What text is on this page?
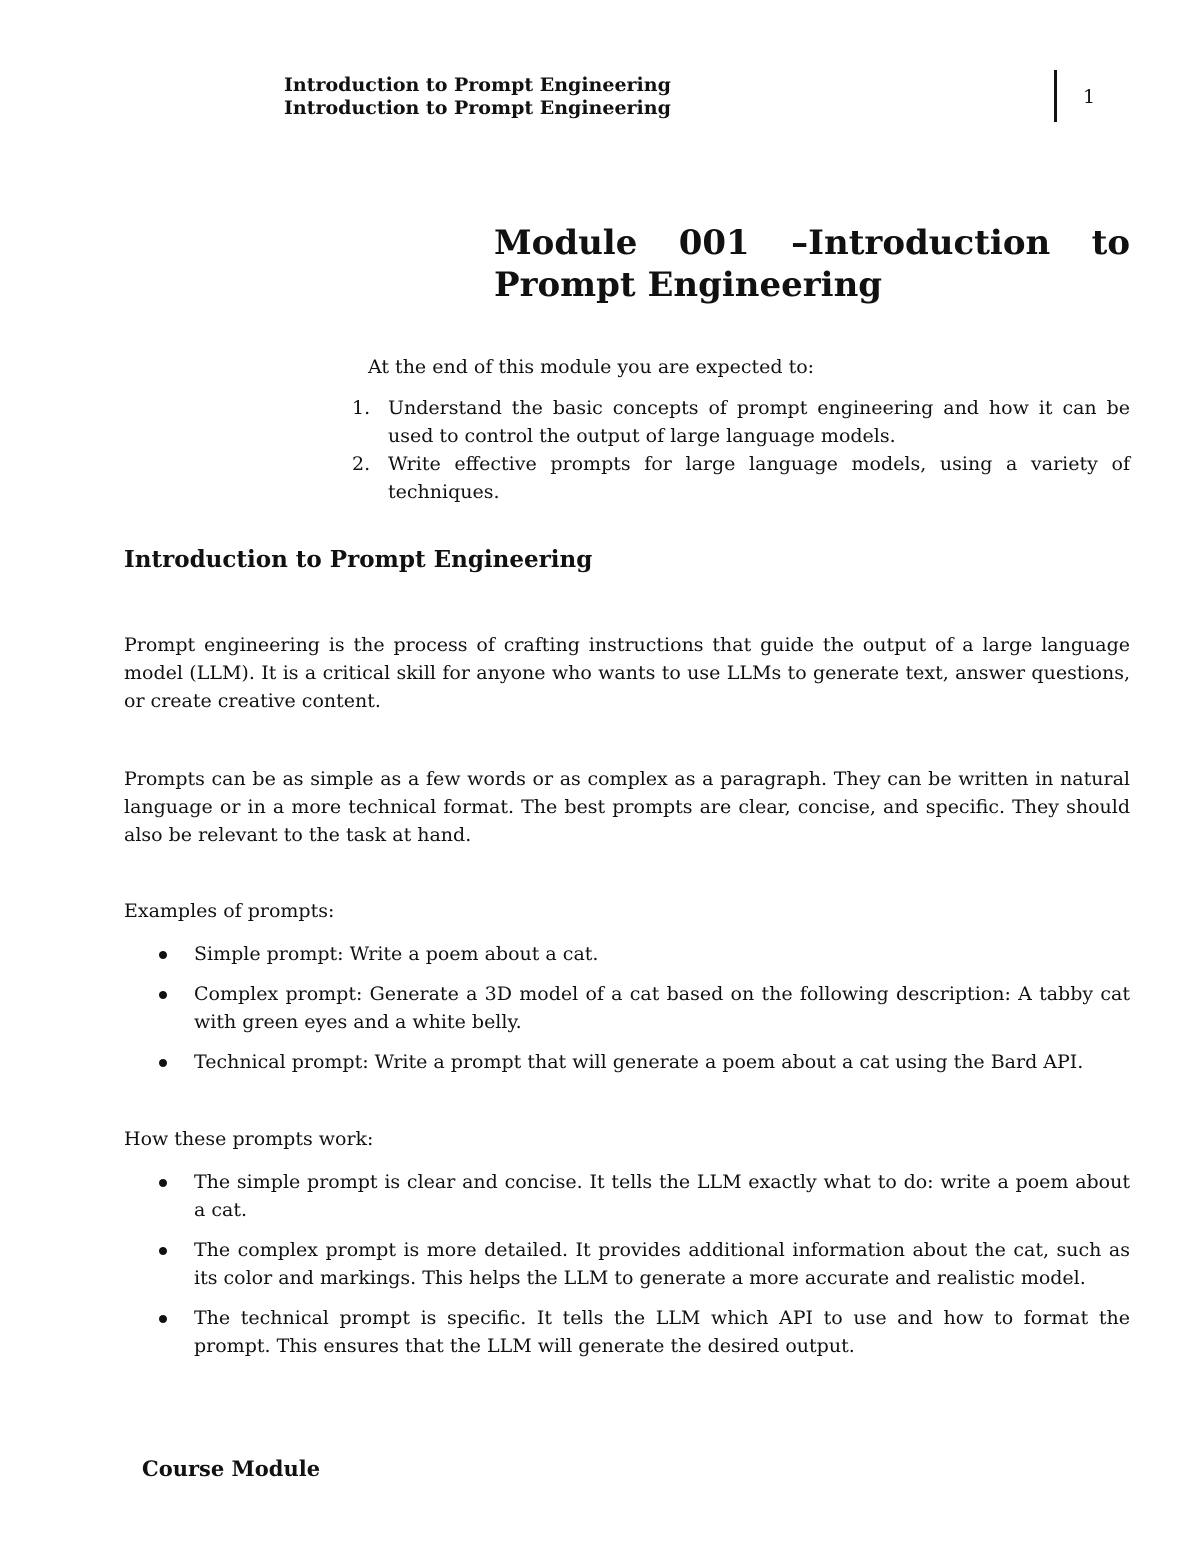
Introduction to Prompt Engineering
Introduction to Prompt Engineering	1
Module 001 –Introduction to Prompt Engineering
At the end of this module you are expected to:
1. Understand the basic concepts of prompt engineering and how it can be used to control the output of large language models.
2. Write effective prompts for large language models, using a variety of techniques.
Introduction to Prompt Engineering

Prompt engineering is the process of crafting instructions that guide the output of a large language model (LLM). It is a critical skill for anyone who wants to use LLMs to generate text, answer questions, or create creative content.

Prompts can be as simple as a few words or as complex as a paragraph. They can be written in natural language or in a more technical format. The best prompts are clear, concise, and specific. They should also be relevant to the task at hand.

Examples of prompts:
Simple prompt: Write a poem about a cat.
Complex prompt: Generate a 3D model of a cat based on the following description: A tabby cat with green eyes and a white belly.
Technical prompt: Write a prompt that will generate a poem about a cat using the Bard API.
How these prompts work:
The simple prompt is clear and concise. It tells the LLM exactly what to do: write a poem about a cat.
The complex prompt is more detailed. It provides additional information about the cat, such as its color and markings. This helps the LLM to generate a more accurate and realistic model.
The technical prompt is specific. It tells the LLM which API to use and how to format the prompt. This ensures that the LLM will generate the desired output.
Course Module
